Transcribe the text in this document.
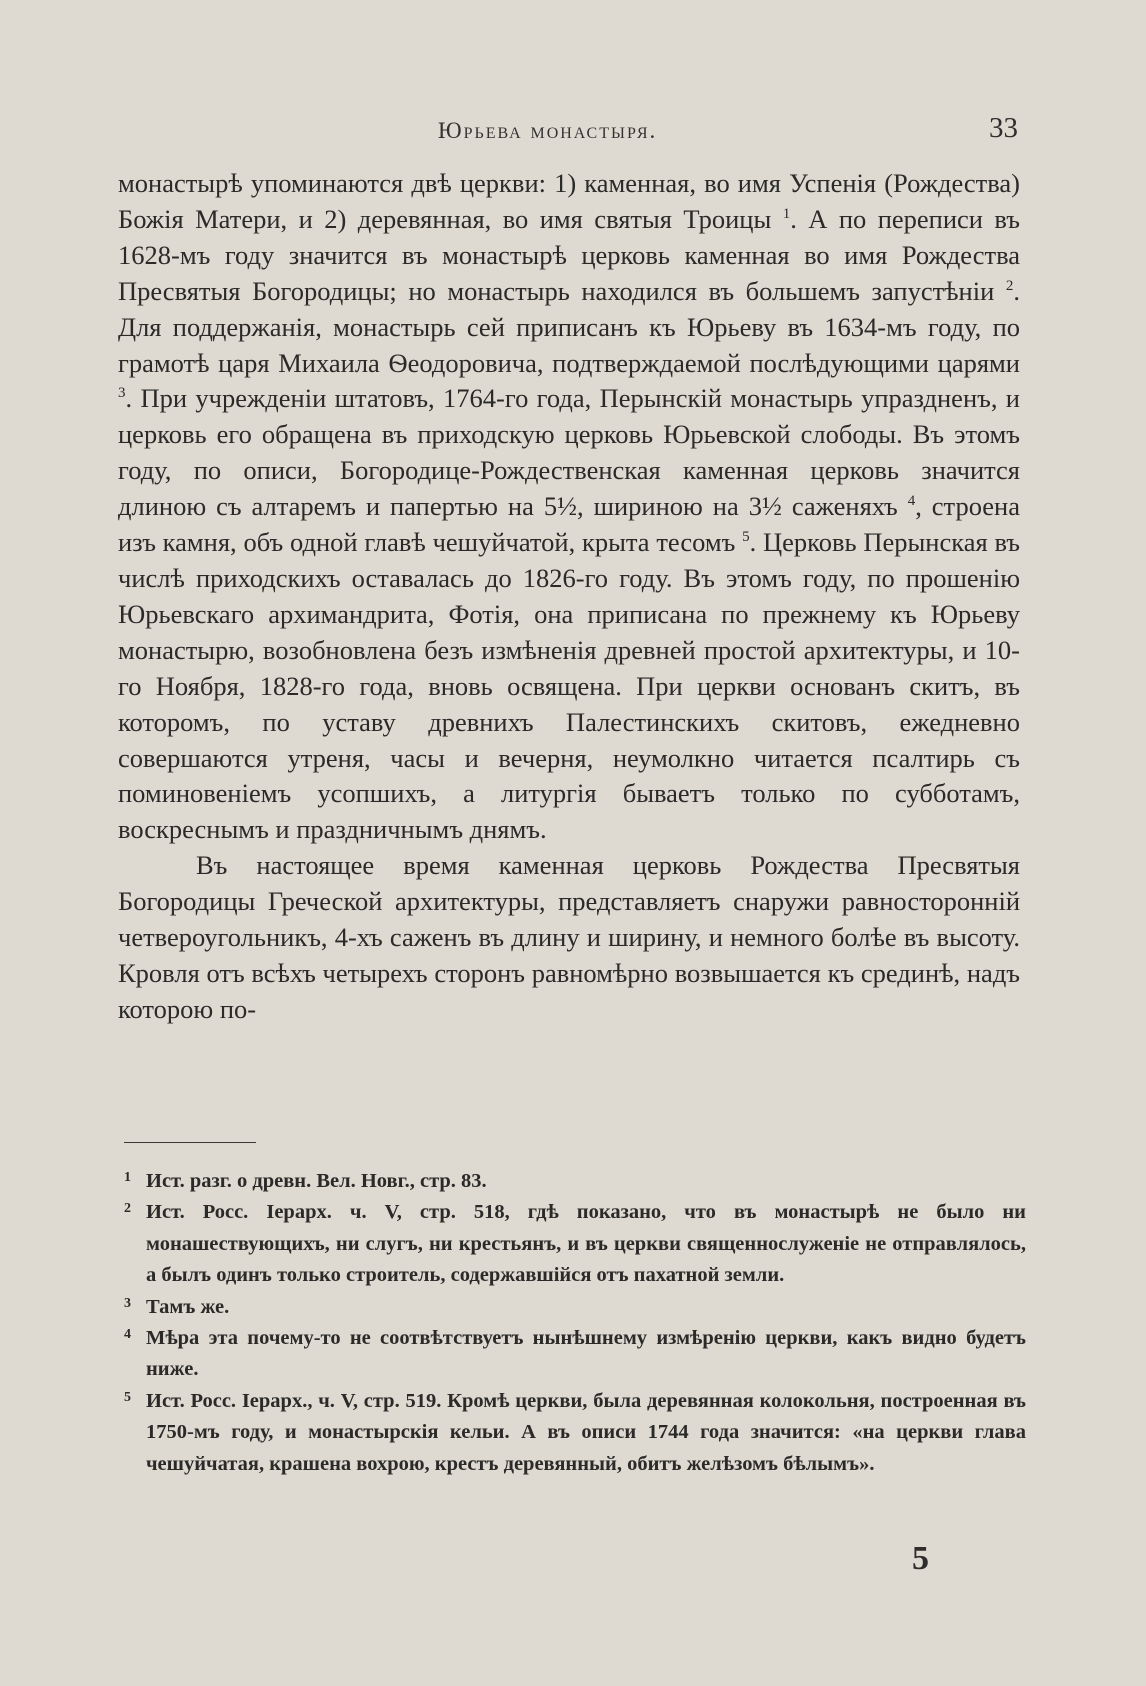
Юрьева монастыря.	33

монастырѣ упоминаются двѣ церкви: 1) каменная, во имя Успенія (Рождества) Божія Матери, и 2) деревянная, во имя святыя Троицы $^1$. А по переписи въ 1628-мъ году значится въ монастырѣ церковь каменная во имя Рождества Пресвятыя Богородицы; но монастырь находился въ большемъ запустѣніи $^2$. Для поддержанія, монастырь сей приписанъ къ Юрьеву въ 1634-мъ году, по грамотѣ царя Михаила Ѳеодоровича, подтверждаемой послѣдующими царями $^3$. При учрежденіи штатовъ, 1764-го года, Перынскій монастырь упраздненъ, и церковь его обращена въ приходскую церковь Юрьевской слободы. Въ этомъ году, по описи, Богородице-Рождественская каменная церковь значится длиною съ алтаремъ и папертью на 5½, шириною на 3½ саженяхъ $^4$, строена изъ камня, объ одной главѣ чешуйчатой, крыта тесомъ $^5$. Церковь Перынская въ числѣ приходскихъ оставалась до 1826-го году. Въ этомъ году, по прошенію Юрьевскаго архимандрита, Фотія, она приписана по прежнему къ Юрьеву монастырю, возобновлена безъ измѣненія древней простой архитектуры, и 10-го Ноября, 1828-го года, вновь освящена. При церкви основанъ скитъ, въ которомъ, по уставу древнихъ Палестинскихъ скитовъ, ежедневно совершаются утреня, часы и вечерня, неумолкно читается псалтирь съ поминовеніемъ усопшихъ, а литургія бываетъ только по субботамъ, воскреснымъ и праздничнымъ днямъ.

Въ настоящее время каменная церковь Рождества Пресвятыя Богородицы Греческой архитектуры, представляетъ снаружи равносторонній четвероугольникъ, 4-хъ саженъ въ длину и ширину, и немного болѣе въ высоту. Кровля отъ всѣхъ четырехъ сторонъ равномѣрно возвышается къ срединѣ, надъ которою по-

1 Ист. разг. о древн. Вел. Новг., стр. 83.
2 Ист. Росс. Іерарх. ч. V, стр. 518, гдѣ показано, что въ монастырѣ не было ни монашествующихъ, ни слугъ, ни крестьянъ, и въ церкви священнослуженіе не отправлялось, а былъ одинъ только строитель, содержавшійся отъ пахатной земли.
3 Тамъ же.
4 Мѣра эта почему-то не соотвѣтствуетъ нынѣшнему измѣренію церкви, какъ видно будетъ ниже.
5 Ист. Росс. Іерарх., ч. V, стр. 519. Кромѣ церкви, была деревянная колокольня, построенная въ 1750-мъ году, и монастырскія кельи. А въ описи 1744 года значится: «на церкви глава чешуйчатая, крашена вохрою, крестъ деревянный, обитъ желѣзомъ бѣлымъ».
5
